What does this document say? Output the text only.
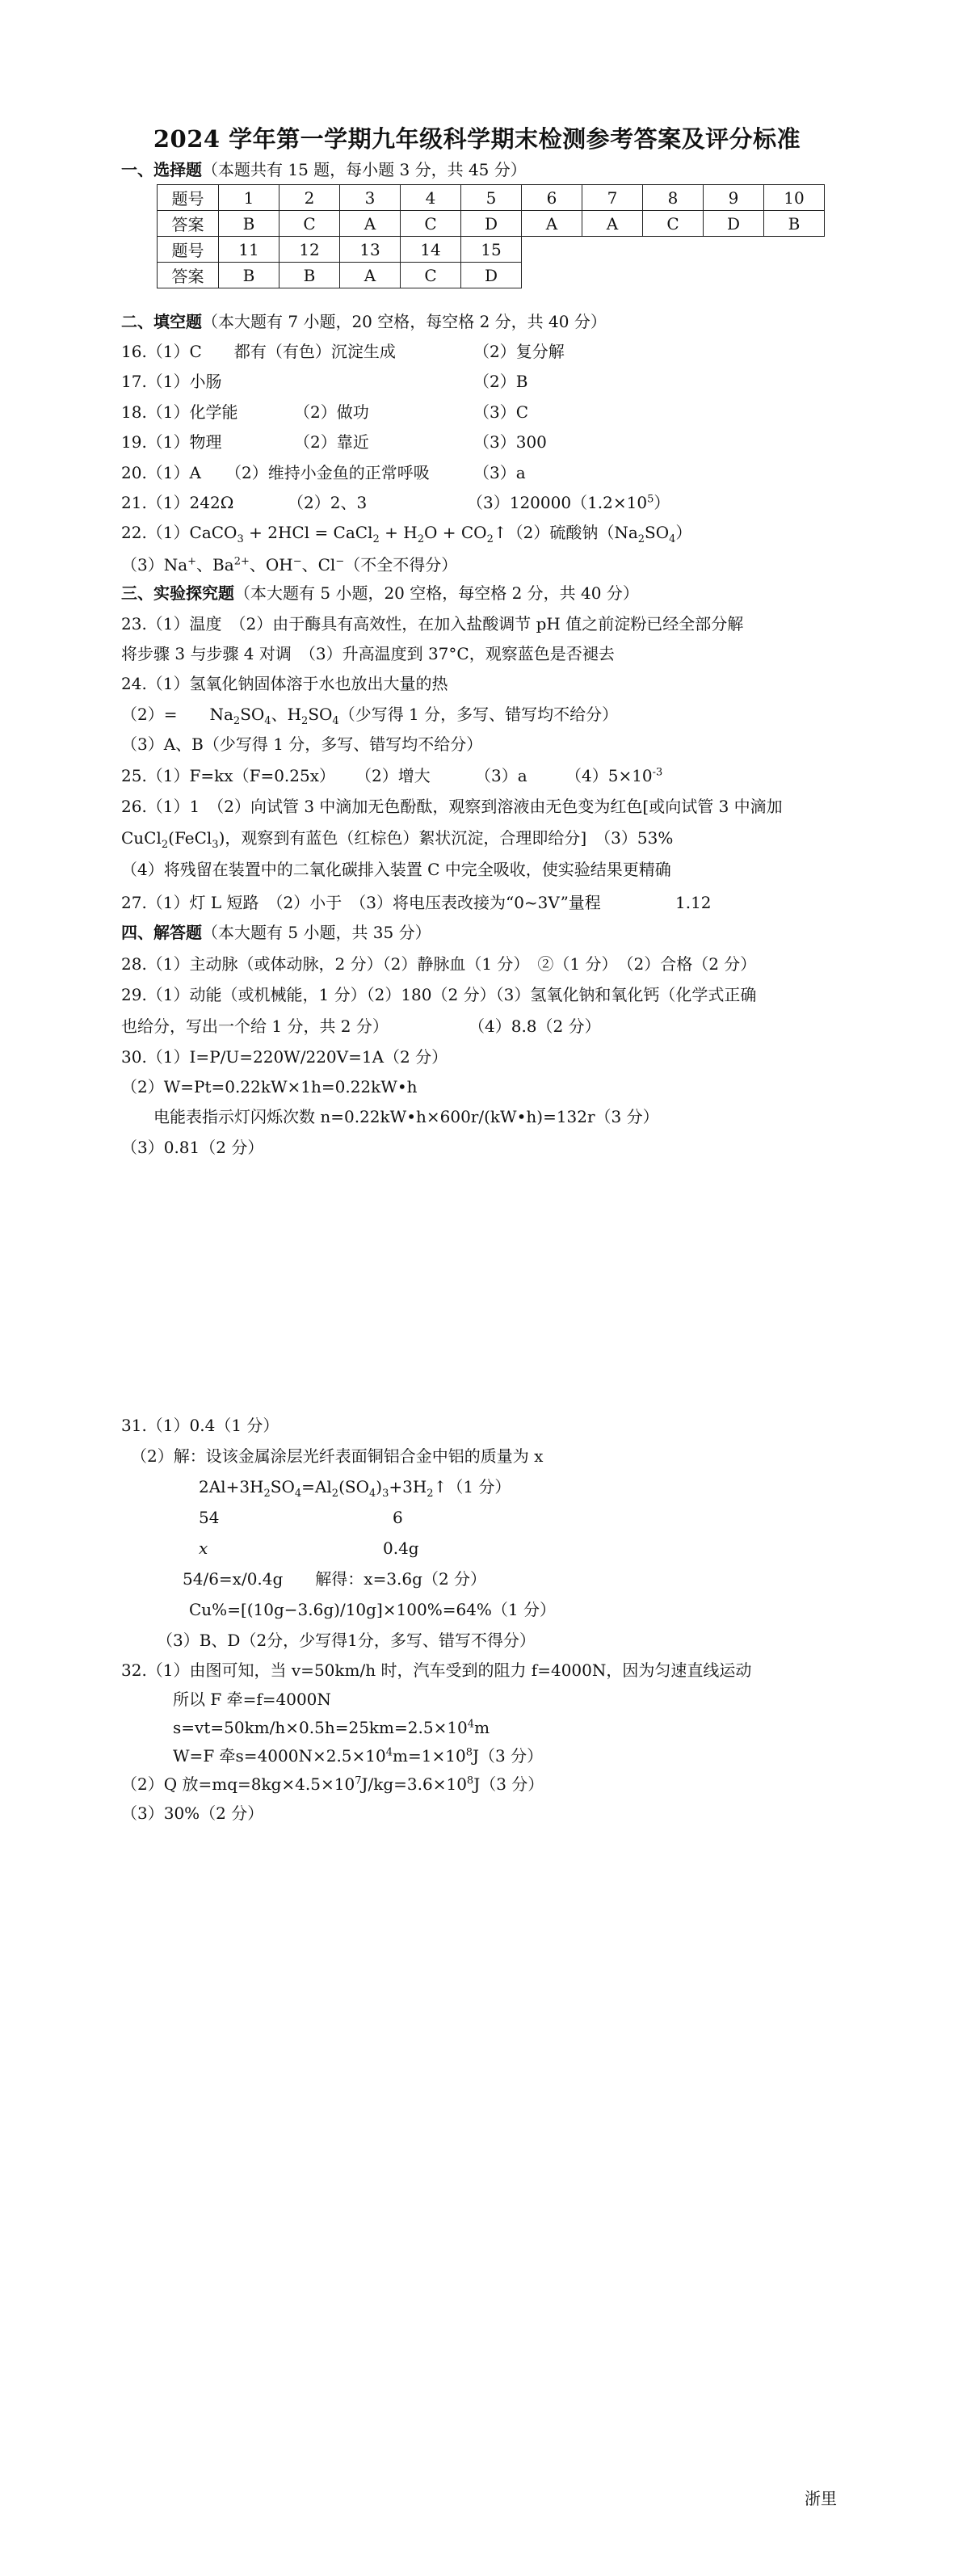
2024 学年第一学期九年级科学期末检测参考答案及评分标准
一、选择题（本题共有 15 题，每小题 3 分，共 45 分）
题号	1	2	3	4	5	6	7	8	9	10
答案	B	C	A	C	D	A	A	C	D	B
题号	11	12	13	14	15					
答案	B	B	A	C	D					
二、填空题（本大题有 7 小题，20 空格，每空格 2 分，共 40 分）
16.（1）C　　都有（有色）沉淀生成	（2）复分解
17.（1）小肠	（2）B
18.（1）化学能	（2）做功	（3）C
19.（1）物理	（2）靠近	（3）300
20.（1）A　　（2）维持小金鱼的正常呼吸	（3）a
21.（1）242Ω	（2）2、3	$(3)120000(1.2\times 10^5)$
22.（1）CaCO$_3$ + 2HCl = CaCl$_2$ + $H_2O$ + $CO_2↑(2)$硫酸钠$(Na_2SO_4)$
（3）Na+、$Ba^{2+}$、OH−、Cl−（不全不得分）
三、实验探究题（本大题有 5 小题，20 空格，每空格 2 分，共 40 分）
23.（1）温度　（2）由于酶具有高效性，在加入盐酸调节 pH 值之前淀粉已经全部分解
将步骤 3 与步骤 4 对调　（3）升高温度到 37°C，观察蓝色是否褪去
24.（1）氢氧化钠固体溶于水也放出大量的热
（2）=　　$Na_2SO_4$、$H_2SO_4$（少写得 1 分，多写、错写均不给分）
（3）A、B（少写得 1 分，多写、错写均不给分）
25.（1）F=kx（F=0.25x） （2）增大	（3）a $(4)5\times 10^{-3}$
26.（1）1　（2）向试管 3 中滴加无色酚酞，观察到溶液由无色变为红色[或向试管 3 中滴加
CuCl$_2$(FeCl$_3$)，观察到有蓝色（红棕色）絮状沉淀，合理即给分]　（3）53%
（4）将残留在装置中的二氧化碳排入装置 C 中完全吸收，使实验结果更精确
27.（1）灯 L 短路　（2）小于　（3）将电压表改接为“0~3V”量程	1.12
四、解答题（本大题有 5 小题，共 35 分）
28.（1）主动脉（或体动脉，2 分）（2）静脉血（1 分）　②（1 分）　（2）合格（2 分）
29.（1）动能（或机械能，1 分）（2）180（2 分）（3）氢氧化钠和氧化钙（化学式正确
也给分，写出一个给 1 分，共 2 分）	（4）8.8（2 分）
30.（1）I=P/U=220W/220V=1A（2 分）
（2）W=Pt=0.22kW×1h=0.22kW•h
电能表指示灯闪烁次数 n=0.22kW•h×600r/(kW•h)=132r（3 分）
（3）0.81（2 分）
31.（1）0.4（1 分）
（2）解：设该金属涂层光纤表面铜铝合金中铝的质量为 x
$2Al+3H_2SO_4=Al_2(SO_4)_3+3H_2↑(1$ 分）
54	6
x	0.4g
54/6=x/0.4g　　解得：x=3.6g（2 分）
Cu%=[(10g−3.6g)/10g]×100%=64%（1 分）
（3）B、D（2分，少写得1分，多写、错写不得分）
32.（1）由图可知，当 v=50km/h 时，汽车受到的阻力 f=4000N，因为匀速直线运动
所以 F 牵=f=4000N
$s=vt=50km/h\times 0.5h=25km=2.5\times 10^4m$
W=F 牵$s=4000N\times 2.5\times 10^4m=1\times 10^8J(3$ 分）
（2）Q 放$=mq=8kg\times 4.5\times 10^7J/kg=3.6\times 10^8J(3$ 分）
（3）30%（2 分）
浙里
